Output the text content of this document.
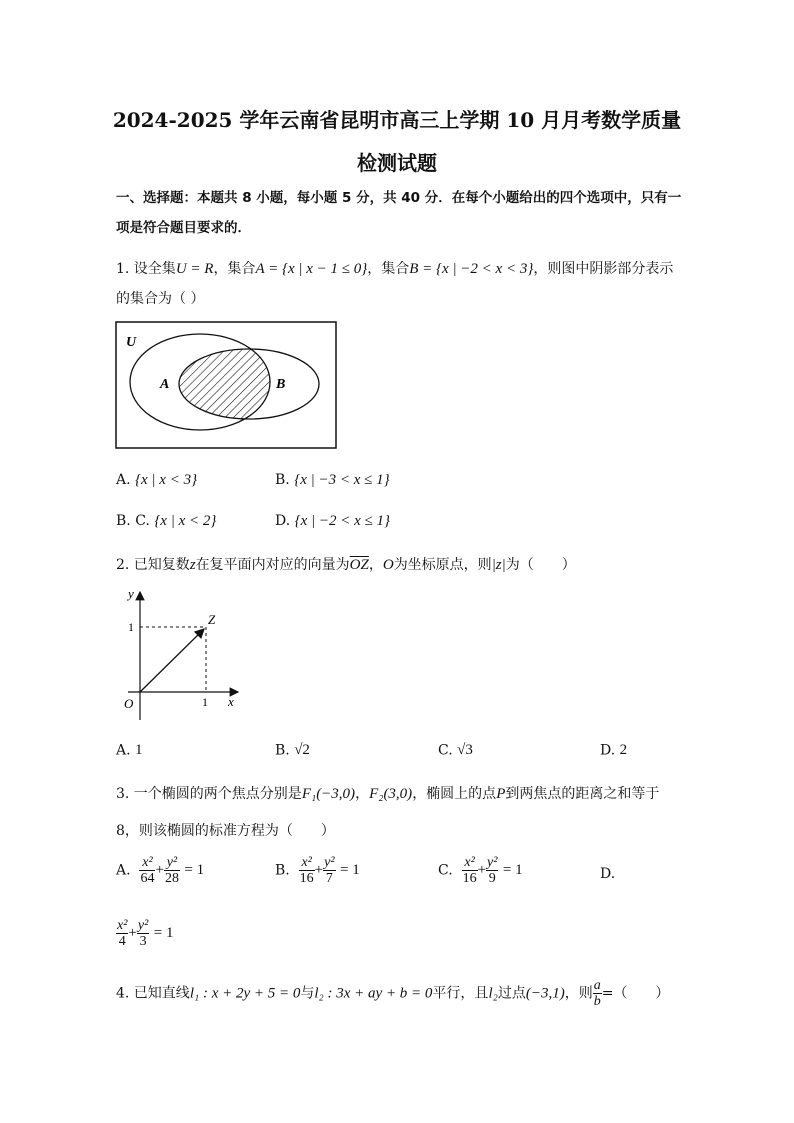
2024-2025 学年云南省昆明市高三上学期 10 月月考数学质量
检测试题
一、选择题：本题共 8 小题，每小题 5 分，共 40 分．在每个小题给出的四个选项中，只有一
项是符合题目要求的．
1. 设全集U = R，集合A = {x | x − 1 ≤ 0}，集合B = {x | −2 < x < 3}，则图中阴影部分表示
的集合为（ ）
U
A	B
A. {x | x < 3}	B. {x | −3 < x ≤ 1}
B. C. {x | x < 2}	D. {x | −2 < x ≤ 1}
2. 已知复数z在复平面内对应的向量为$\overline{OZ}$，O为坐标原点，则|z|为（　　）
y
x
O
Z
1
1
A. 1	B. √2	C. √3	D. 2
3. 一个椭圆的两个焦点分别是F₁(−3,0)，F₂(3,0)，椭圆上的点P到两焦点的距离之和等于
8，则该椭圆的标准方程为（　　）
A. $\frac{\text{x²}}{64} + \frac{\text{y²}}{28} = 1$	B. $\frac{\text{x²}}{16} + \frac{\text{y²}}{7} = 1$	C. $\frac{\text{x²}}{16} + \frac{\text{y²}}{9} = 1$	D.
$\frac{\text{x²}}{4} + \frac{\text{y²}}{3} = 1$
4. 已知直线l₁ : x + 2y + 5 = 0与l₂ : 3x + ay + b = 0平行，且l₂过点(−3,1)，则 $\frac{a}{b}$ =（　　）
